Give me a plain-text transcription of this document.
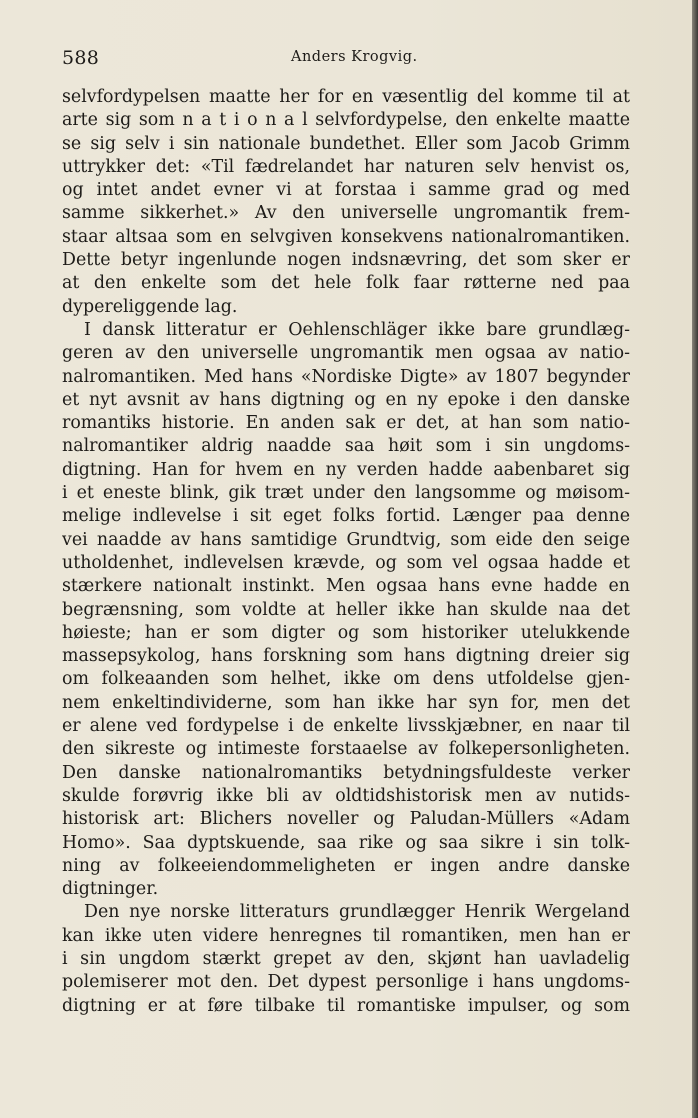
588	Anders Krogvig.
selvfordypelsen maatte her for en væsentlig del komme til at
arte sig som n a t i o n a l selvfordypelse, den enkelte maatte
se sig selv i sin nationale bundethet. Eller som Jacob Grimm
uttrykker det: «Til fædrelandet har naturen selv henvist os,
og intet andet evner vi at forstaa i samme grad og med
samme sikkerhet.» Av den universelle ungromantik frem-
staar altsaa som en selvgiven konsekvens nationalromantiken.
Dette betyr ingenlunde nogen indsnævring, det som sker er
at den enkelte som det hele folk faar røtterne ned paa
dypereliggende lag.
I dansk litteratur er Oehlenschläger ikke bare grundlæg-
geren av den universelle ungromantik men ogsaa av natio-
nalromantiken. Med hans «Nordiske Digte» av 1807 begynder
et nyt avsnit av hans digtning og en ny epoke i den danske
romantiks historie. En anden sak er det, at han som natio-
nalromantiker aldrig naadde saa høit som i sin ungdoms-
digtning. Han for hvem en ny verden hadde aabenbaret sig
i et eneste blink, gik træt under den langsomme og møisom-
melige indlevelse i sit eget folks fortid. Længer paa denne
vei naadde av hans samtidige Grundtvig, som eide den seige
utholdenhet, indlevelsen krævde, og som vel ogsaa hadde et
stærkere nationalt instinkt. Men ogsaa hans evne hadde en
begrænsning, som voldte at heller ikke han skulde naa det
høieste; han er som digter og som historiker utelukkende
massepsykolog, hans forskning som hans digtning dreier sig
om folkeaanden som helhet, ikke om dens utfoldelse gjen-
nem enkeltindividerne, som han ikke har syn for, men det
er alene ved fordypelse i de enkelte livsskjæbner, en naar til
den sikreste og intimeste forstaaelse av folkepersonligheten.
Den danske nationalromantiks betydningsfuldeste verker
skulde forøvrig ikke bli av oldtidshistorisk men av nutids-
historisk art: Blichers noveller og Paludan-Müllers «Adam
Homo». Saa dyptskuende, saa rike og saa sikre i sin tolk-
ning av folkeeiendommeligheten er ingen andre danske
digtninger.
Den nye norske litteraturs grundlægger Henrik Wergeland
kan ikke uten videre henregnes til romantiken, men han er
i sin ungdom stærkt grepet av den, skjønt han uavladelig
polemiserer mot den. Det dypest personlige i hans ungdoms-
digtning er at føre tilbake til romantiske impulser, og som
